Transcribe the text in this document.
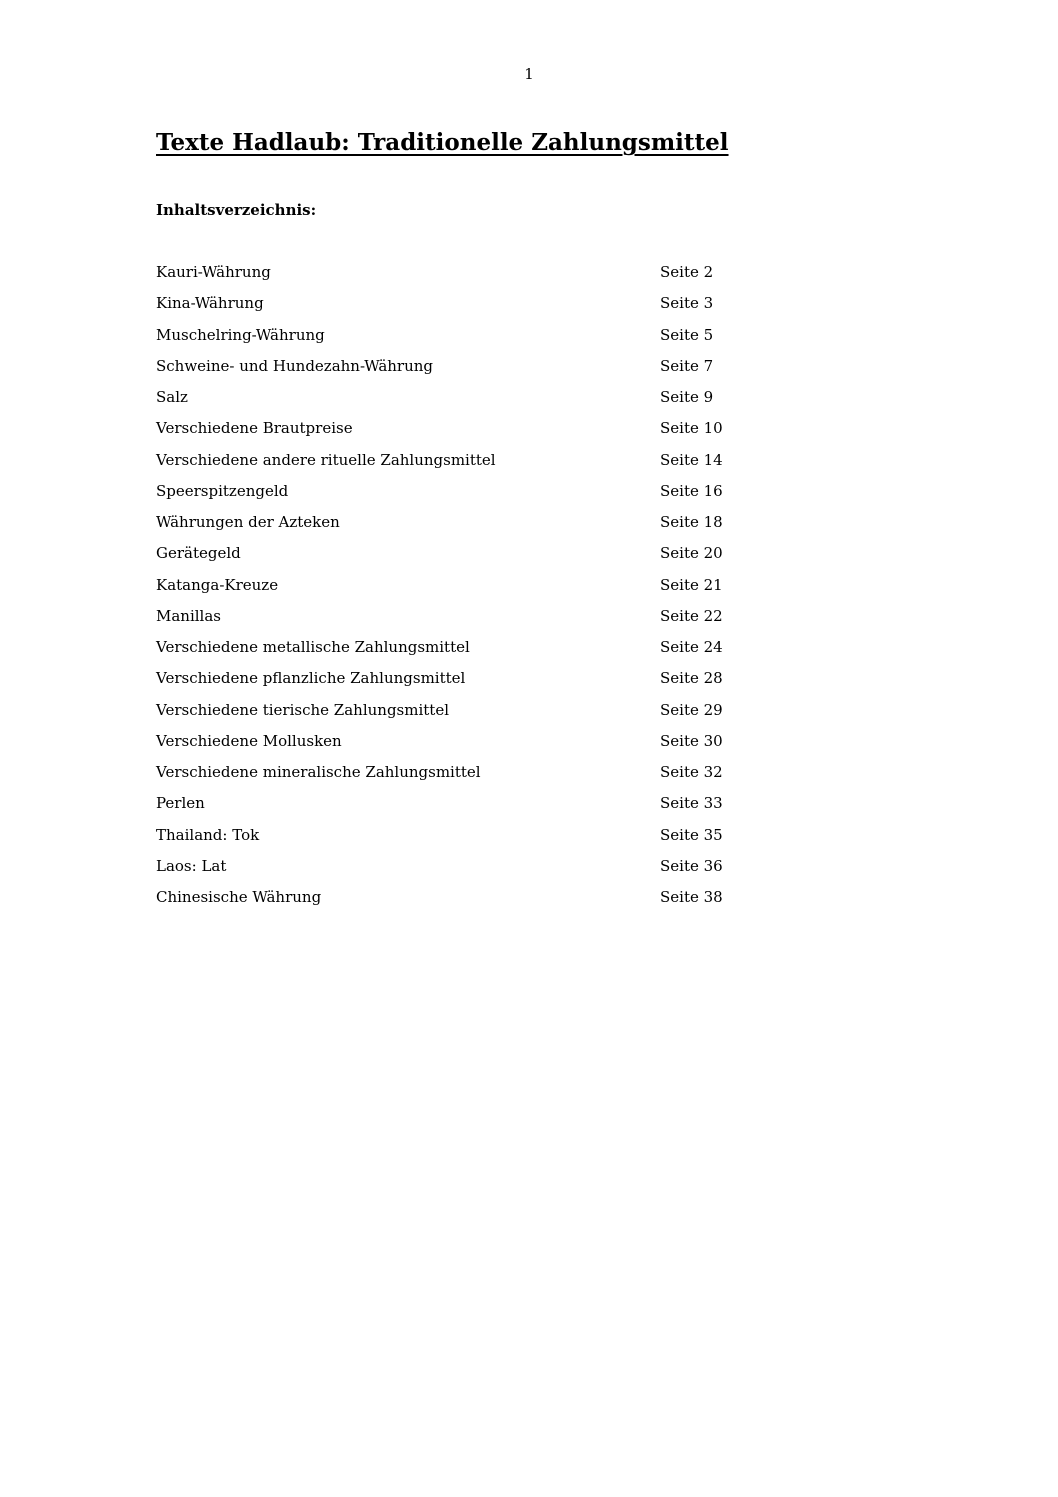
1
Texte Hadlaub: Traditionelle Zahlungsmittel
Inhaltsverzeichnis:
Kauri-Währung	Seite 2
Kina-Währung	Seite 3
Muschelring-Währung	Seite 5
Schweine- und Hundezahn-Währung	Seite 7
Salz	Seite 9
Verschiedene Brautpreise	Seite 10
Verschiedene andere rituelle Zahlungsmittel	Seite 14
Speerspitzengeld	Seite 16
Währungen der Azteken	Seite 18
Gerätegeld	Seite 20
Katanga-Kreuze	Seite 21
Manillas	Seite 22
Verschiedene metallische Zahlungsmittel	Seite 24
Verschiedene pflanzliche Zahlungsmittel	Seite 28
Verschiedene tierische Zahlungsmittel	Seite 29
Verschiedene Mollusken	Seite 30
Verschiedene mineralische Zahlungsmittel	Seite 32
Perlen	Seite 33
Thailand: Tok	Seite 35
Laos: Lat	Seite 36
Chinesische Währung	Seite 38
